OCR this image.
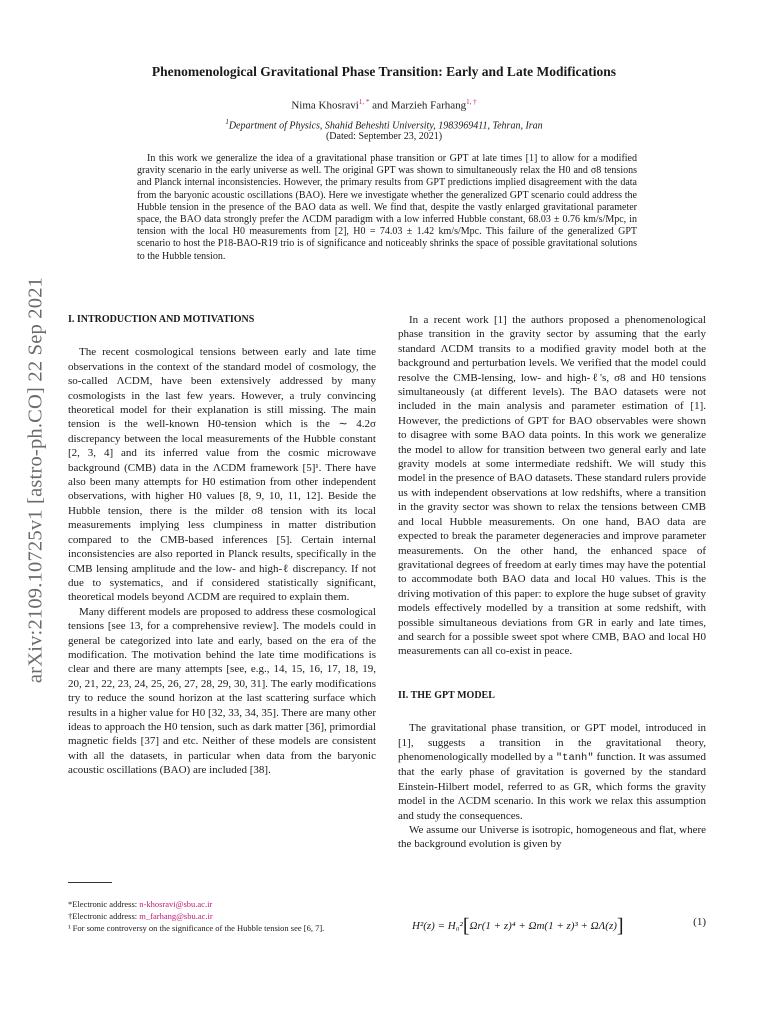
arXiv:2109.10725v1 [astro-ph.CO] 22 Sep 2021
Phenomenological Gravitational Phase Transition: Early and Late Modifications
Nima Khosravi$^{1, *}$ and Marzieh Farhang$^{1, \dagger}$
$^1$Department of Physics, Shahid Beheshti University, 1983969411, Tehran, Iran
(Dated: September 23, 2021)

In this work we generalize the idea of a gravitational phase transition or GPT at late times [1] to allow for a modified gravity scenario in the early universe as well. The original GPT was shown to simultaneously relax the H0 and σ8 tensions and Planck internal inconsistencies. However, the primary results from GPT predictions implied disagreement with the data from the baryonic acoustic oscillations (BAO). Here we investigate whether the generalized GPT scenario could address the Hubble tension in the presence of the BAO data as well. We find that, despite the vastly enlarged gravitational parameter space, the BAO data strongly prefer the ΛCDM paradigm with a low inferred Hubble constant, 68.03 ± 0.76 km/s/Mpc, in tension with the local H0 measurements from [2], H0 = 74.03 ± 1.42 km/s/Mpc. This failure of the generalized GPT scenario to host the P18-BAO-R19 trio is of significance and noticeably shrinks the space of possible gravitational solutions to the Hubble tension.

I. INTRODUCTION AND MOTIVATIONS

The recent cosmological tensions between early and late time observations in the context of the standard model of cosmology, the so-called ΛCDM, have been extensively addressed by many cosmologists in the last few years. However, a truly convincing theoretical model for their explanation is still missing. The main tension is the well-known H0-tension which is the ∼ 4.2σ discrepancy between the local measurements of the Hubble constant [2, 3, 4] and its inferred value from the cosmic microwave background (CMB) data in the ΛCDM framework [5]¹. There have also been many attempts for H0 estimation from other independent observations, with higher H0 values [8, 9, 10, 11, 12]. Beside the Hubble tension, there is the milder σ8 tension with its local measurements implying less clumpiness in matter distribution compared to the CMB-based inferences [5]. Certain internal inconsistencies are also reported in Planck results, specifically in the CMB lensing amplitude and the low- and high-ℓ discrepancy. If not due to systematics, and if considered statistically significant, theoretical models beyond ΛCDM are required to explain them.

Many different models are proposed to address these cosmological tensions [see 13, for a comprehensive review]. The models could in general be categorized into late and early, based on the era of the modification. The motivation behind the late time modifications is clear and there are many attempts [see, e.g., 14, 15, 16, 17, 18, 19, 20, 21, 22, 23, 24, 25, 26, 27, 28, 29, 30, 31]. The early modifications try to reduce the sound horizon at the last scattering surface which results in a higher value for H0 [32, 33, 34, 35]. There are many other ideas to approach the H0 tension, such as dark matter [36], primordial magnetic fields [37] and etc. Neither of these models are consistent with all the datasets, in particular when data from the baryonic acoustic oscillations (BAO) are included [38].

In a recent work [1] the authors proposed a phenomenological phase transition in the gravity sector by assuming that the early standard ΛCDM transits to a modified gravity model both at the background and perturbation levels. We verified that the model could resolve the CMB-lensing, low- and high-ℓ's, σ8 and H0 tensions simultaneously (at different levels). The BAO datasets were not included in the main analysis and parameter estimation of [1]. However, the predictions of GPT for BAO observables were shown to disagree with some BAO data points. In this work we generalize the model to allow for transition between two general early and late gravity models at some intermediate redshift. We will study this model in the presence of BAO datasets. These standard rulers provide us with independent observations at low redshifts, where a transition in the gravity sector was shown to relax the tensions between CMB and local Hubble measurements. On one hand, BAO data are expected to break the parameter degeneracies and improve parameter measurements. On the other hand, the enhanced space of gravitational degrees of freedom at early times may have the potential to accommodate both BAO data and local H0 values. This is the driving motivation of this paper: to explore the huge subset of gravity models effectively modelled by a transition at some redshift, with possible simultaneous deviations from GR in early and late times, and search for a possible sweet spot where CMB, BAO and local H0 measurements can all co-exist in peace.

II. THE GPT MODEL

The gravitational phase transition, or GPT model, introduced in [1], suggests a transition in the gravitational theory, phenomenologically modelled by a "tanh" function. It was assumed that the early phase of gravitation is governed by the standard Einstein-Hilbert model, referred to as GR, which forms the gravity model in the ΛCDM scenario. In this work we relax this assumption and study the consequences.

We assume our Universe is isotropic, homogeneous and flat, where the background evolution is given by

H²(z) = H₀²[Ωr(1 + z)⁴ + Ωm(1 + z)³ + ΩΛ(z)]	(1)
*Electronic address: n-khosravi@sbu.ac.ir
†Electronic address: m_farhang@sbu.ac.ir
¹ For some controversy on the significance of the Hubble tension see [6, 7].
